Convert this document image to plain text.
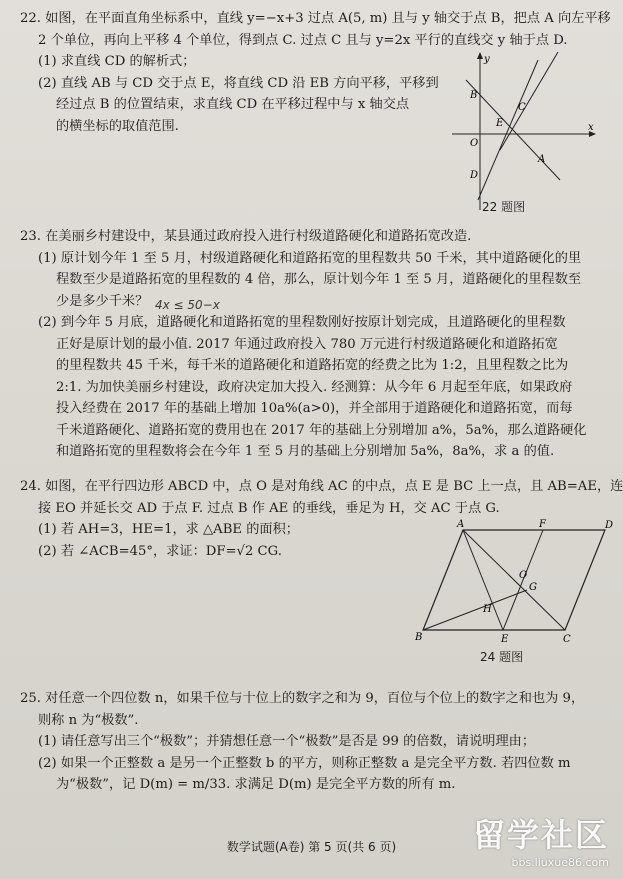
22. 如图，在平面直角坐标系中，直线 y=−x+3 过点 A(5, m) 且与 y 轴交于点 B，把点 A 向左平移
2 个单位，再向上平移 4 个单位，得到点 C. 过点 C 且与 y=2x 平行的直线交 y 轴于点 D.
(1) 求直线 CD 的解析式；
(2) 直线 AB 与 CD 交于点 E，将直线 CD 沿 EB 方向平移，平移到
经过点 B 的位置结束，求直线 CD 在平移过程中与 x 轴交点
的横坐标的取值范围.
y
x
O
B
C
E
A
D
22 题图
23. 在美丽乡村建设中，某县通过政府投入进行村级道路硬化和道路拓宽改造.
(1) 原计划今年 1 至 5 月，村级道路硬化和道路拓宽的里程数共 50 千米，其中道路硬化的里
程数至少是道路拓宽的里程数的 4 倍，那么，原计划今年 1 至 5 月，道路硬化的里程数至
少是多少千米？
(2) 到今年 5 月底，道路硬化和道路拓宽的里程数刚好按原计划完成，且道路硬化的里程数
正好是原计划的最小值. 2017 年通过政府投入 780 万元进行村级道路硬化和道路拓宽
的里程数共 45 千米，每千米的道路硬化和道路拓宽的经费之比为 1:2，且里程数之比为
2:1. 为加快美丽乡村建设，政府决定加大投入. 经测算：从今年 6 月起至年底，如果政府
投入经费在 2017 年的基础上增加 10a%(a>0)，并全部用于道路硬化和道路拓宽，而每
千米道路硬化、道路拓宽的费用也在 2017 年的基础上分别增加 a%，5a%，那么道路硬化
和道路拓宽的里程数将会在今年 1 至 5 月的基础上分别增加 5a%，8a%，求 a 的值.
4x ≤ 50−x
24. 如图，在平行四边形 ABCD 中，点 O 是对角线 AC 的中点，点 E 是 BC 上一点，且 AB=AE，连
接 EO 并延长交 AD 于点 F. 过点 B 作 AE 的垂线，垂足为 H，交 AC 于点 G.
(1) 若 AH=3，HE=1，求 △ABE 的面积；
(2) 若 ∠ACB=45°，求证：DF=√2 CG.
A	F	D
B	E	C
G
H
O
24 题图
25. 对任意一个四位数 n，如果千位与十位上的数字之和为 9，百位与个位上的数字之和也为 9，
则称 n 为“极数”.
(1) 请任意写出三个“极数”；并猜想任意一个“极数”是否是 99 的倍数，请说明理由；
(2) 如果一个正整数 a 是另一个正整数 b 的平方，则称正整数 a 是完全平方数. 若四位数 m
为“极数”，记 D(m) = m/33. 求满足 D(m) 是完全平方数的所有 m.
数学试题(A卷) 第 5 页(共 6 页)	留学社区
bbs.liuxue86.com
